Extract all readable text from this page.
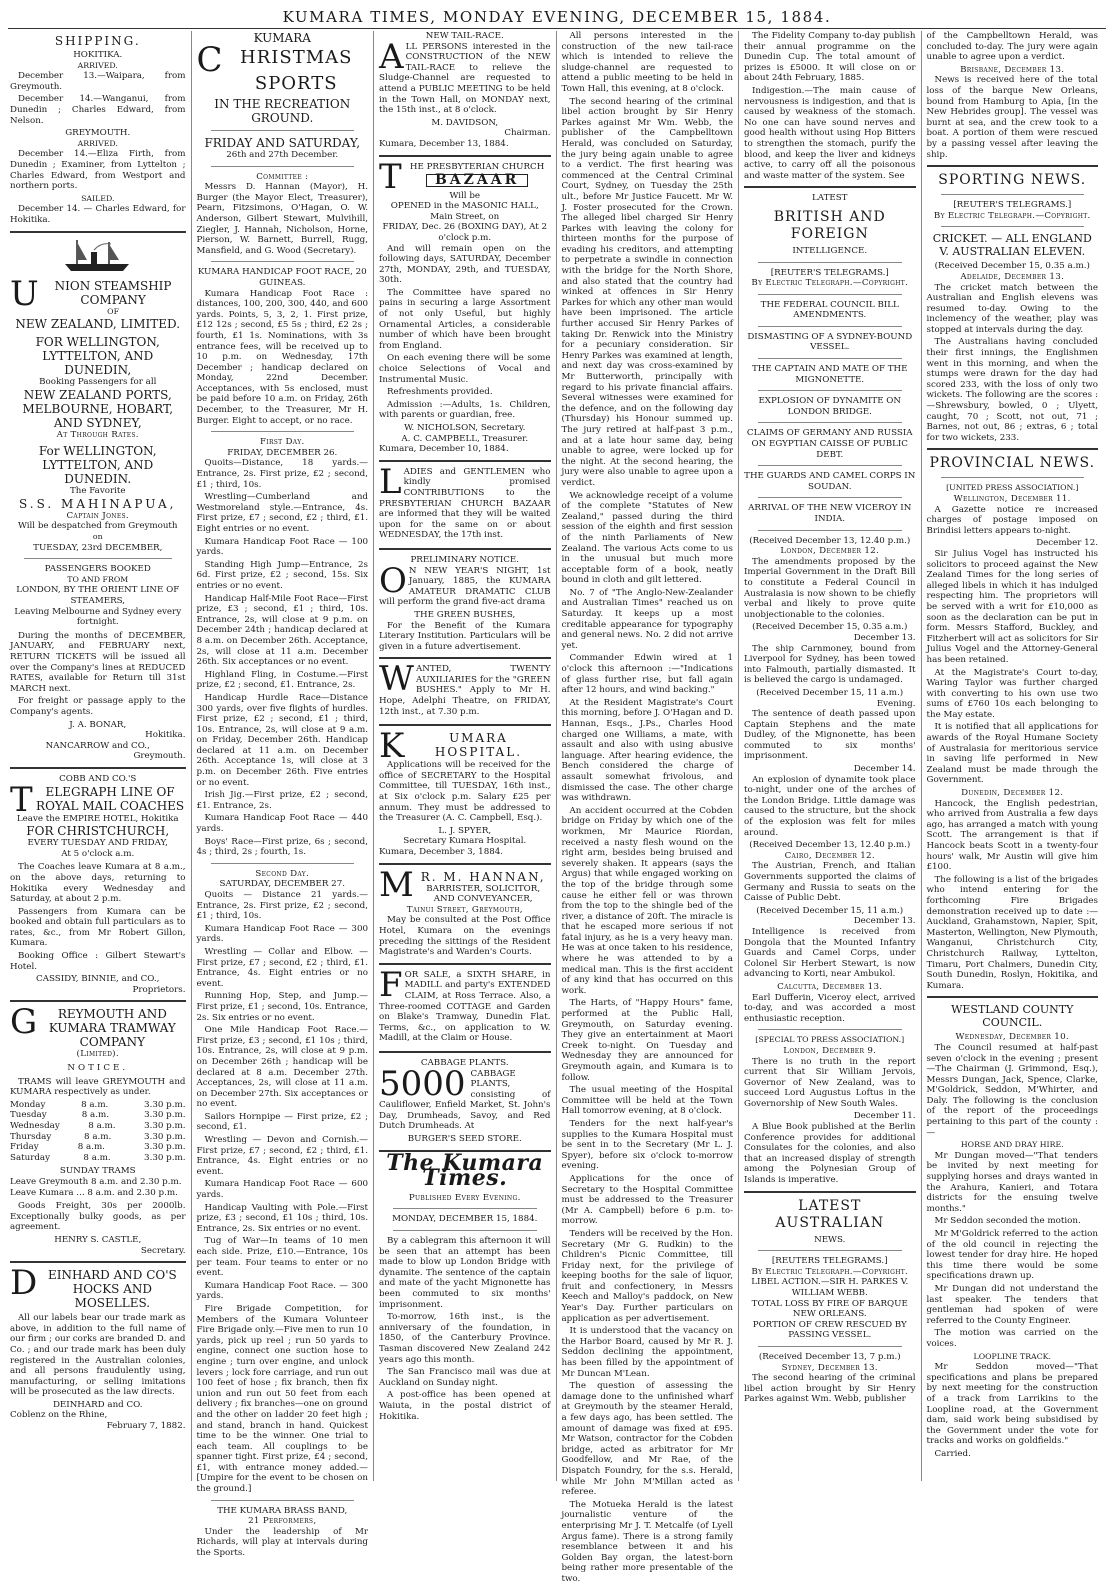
KUMARA TIMES, MONDAY EVENING, DECEMBER 15, 1884.
SHIPPING.
HOKITIKA.
ARRIVED.

December 13.—Waipara, from Greymouth.

December 14.—Wanganui, from Dunedin ; Charles Edward, from Nelson.

GREYMOUTH.
ARRIVED.

December 14.—Eliza Firth, from Dunedin ; Examiner, from Lyttelton ; Charles Edward, from Westport and northern ports.

SAILED.

December 14. — Charles Edward, for Hokitika.

U	NION STEAMSHIP COMPANY
OF
NEW ZEALAND, LIMITED.
FOR WELLINGTON, LYTTELTON, AND DUNEDIN,
Booking Passengers for all
NEW ZEALAND PORTS, MELBOURNE, HOBART, AND SYDNEY,
At Through Rates.
For WELLINGTON, LYTTELTON, AND DUNEDIN.
The Favorite
S.S. MAHINAPUA,
Captain Jones.
Will be despatched from Greymouth
on
TUESDAY, 23rd DECEMBER,
PASSENGERS BOOKED
TO AND FROM
LONDON, BY THE ORIENT LINE OF STEAMERS,
Leaving Melbourne and Sydney every fortnight.

During the months of DECEMBER, JANUARY, and FEBRUARY next, RETURN TICKETS will be issued all over the Company's lines at REDUCED RATES, available for Return till 31st MARCH next.

For freight or passage apply to the Company's agents.

J. A. BONAR,
Hokitika.
NANCARROW and CO.,
Greymouth.
COBB AND CO.'S
T	ELEGRAPH LINE OF ROYAL MAIL COACHES
Leave the EMPIRE HOTEL, Hokitika
FOR CHRISTCHURCH,
EVERY TUESDAY AND FRIDAY,
At 5 o'clock a.m.

The Coaches leave Kumara at 8 a.m., on the above days, returning to Hokitika every Wednesday and Saturday, at about 2 p.m.

Passengers from Kumara can be booked and obtain full particulars as to rates, &c., from Mr Robert Gillon, Kumara.

Booking Office : Gilbert Stewart's Hotel.

CASSIDY, BINNIE, and CO.,
Proprietors.
G	REYMOUTH AND KUMARA TRAMWAY COMPANY
(Limited).
NOTICE.

TRAMS will leave GREYMOUTH and KUMARA respectively as under.

Monday	8 a.m.	3.30 p.m.
Tuesday	8 a.m.	3.30 p.m.
Wednesday	8 a.m.	3.30 p.m.
Thursday	8 a.m.	3.30 p.m.
Friday	8 a.m.	3.30 p.m.
Saturday	8 a.m.	3.30 p.m.
SUNDAY TRAMS
Leave Greymouth 8 a.m. and 2.30 p.m.
Leave Kumara ... 8 a.m. and 2.30 p.m.

Goods Freight, 30s per 2000lb. Exceptionally bulky goods, as per agreement.

HENRY S. CASTLE,
Secretary.
D EINHARD AND CO'S HOCKS AND MOSELLES.

All our labels bear our trade mark as above, in addition to the full name of our firm ; our corks are branded D. and Co. ; and our trade mark has been duly registered in the Australian colonies, and all persons fraudulently using, manufacturing, or selling imitations will be prosecuted as the law directs.

DEINHARD and CO.
Coblenz on the Rhine,
February 7, 1882.
KUMARA
C HRISTMAS SPORTS
IN THE RECREATION GROUND.
FRIDAY AND SATURDAY,
26th and 27th December.
Committee :

Messrs D. Hannan (Mayor), H. Burger (the Mayor Elect, Treasurer), Pearn, Fitzsimons, O'Hagan, O. W. Anderson, Gilbert Stewart, Mulvihill, Ziegler, J. Hannah, Nicholson, Horne, Pierson, W. Barnett, Burrell, Rugg, Mansfield, and G. Wood (Secretary).

KUMARA HANDICAP FOOT RACE, 20 GUINEAS.

Kumara Handicap Foot Race : distances, 100, 200, 300, 440, and 600 yards. Points, 5, 3, 2, 1. First prize, £12 12s ; second, £5 5s ; third, £2 2s ; fourth, £1 1s. Nominations, with 3s entrance fees, will be received up to 10 p.m. on Wednesday, 17th December ; handicap declared on Monday, 22nd December. Acceptances, with 5s enclosed, must be paid before 10 a.m. on Friday, 26th December, to the Treasurer, Mr H. Burger. Eight to accept, or no race.

First Day.
FRIDAY, DECEMBER 26.

Quoits—Distance, 18 yards.—Entrance, 2s. First prize, £2 ; second, £1 ; third, 10s.

Wrestling—Cumberland and Westmoreland style.—Entrance, 4s. First prize, £7 ; second, £2 ; third, £1. Eight entries or no event.

Kumara Handicap Foot Race — 100 yards.

Standing High Jump—Entrance, 2s 6d. First prize, £2 ; second, 15s. Six entries or no event.

Handicap Half-Mile Foot Race—First prize, £3 ; second, £1 ; third, 10s. Entrance, 2s, will close at 9 p.m. on December 24th ; handicap declared at 8 a.m. on December 26th. Acceptance, 2s, will close at 11 a.m. December 26th. Six acceptances or no event.

Highland Fling, in Costume.—First prize, £2 ; second, £1. Entrance, 2s.

Handicap Hurdle Race—Distance 300 yards, over five flights of hurdles. First prize, £2 ; second, £1 ; third, 10s. Entrance, 2s, will close at 9 a.m. on Friday, December 26th. Handicap declared at 11 a.m. on December 26th. Acceptance 1s, will close at 3 p.m. on December 26th. Five entries or no event.

Irish Jig.—First prize, £2 ; second, £1. Entrance, 2s.

Kumara Handicap Foot Race — 440 yards.

Boys' Race—First prize, 6s ; second, 4s ; third, 2s ; fourth, 1s.

Second Day.
SATURDAY, DECEMBER 27.

Quoits — Distance 21 yards.—Entrance, 2s. First prize, £2 ; second, £1 ; third, 10s.

Kumara Handicap Foot Race — 300 yards.

Wrestling — Collar and Elbow. — First prize, £7 ; second, £2 ; third, £1. Entrance, 4s. Eight entries or no event.

Running Hop, Step, and Jump.—First prize, £1 ; second, 10s. Entrance, 2s. Six entries or no event.

One Mile Handicap Foot Race.—First prize, £3 ; second, £1 10s ; third, 10s. Entrance, 2s, will close at 9 p.m. on December 26th ; handicap will be declared at 8 a.m. December 27th. Acceptances, 2s, will close at 11 a.m. on December 27th. Six acceptances or no event.

Sailors Hornpipe — First prize, £2 ; second, £1.

Wrestling — Devon and Cornish.—First prize, £7 ; second, £2 ; third, £1. Entrance, 4s. Eight entries or no event.

Kumara Handicap Foot Race — 600 yards.

Handicap Vaulting with Pole.—First prize, £3 ; second, £1 10s ; third, 10s. Entrance, 2s. Six entries or no event.

Tug of War—In teams of 10 men each side. Prize, £10.—Entrance, 10s per team. Four teams to enter or no event.

Kumara Handicap Foot Race. — 300 yards.

Fire Brigade Competition, for Members of the Kumara Volunteer Fire Brigade only.—Five men to run 10 yards, pick up reel ; run 50 yards to engine, connect one suction hose to engine ; turn over engine, and unlock levers ; lock fore carriage, and run out 100 feet of hose ; fix branch, then fix union and run out 50 feet from each delivery ; fix branches—one on ground and the other on ladder 20 feet high ; and stand, branch in hand. Quickest time to be the winner. One trial to each team. All couplings to be spanner tight. First prize, £4 ; second, £1, with entrance money added.—[Umpire for the event to be chosen on the ground.]

THE KUMARA BRASS BAND,
21 Performers,

Under the leadership of Mr Richards, will play at intervals during the Sports.

NEW TAIL-RACE.
A LL PERSONS interested in the CONSTRUCTION of the NEW TAIL-RACE to relieve the Sludge-Channel are requested to attend a PUBLIC MEETING to be held in the Town Hall, on MONDAY next, the 15th inst., at 8 o'clock.

M. DAVIDSON,
Chairman.
Kumara, December 13, 1884.
T HE PRESBYTERIAN CHURCH
BAZAAR
Will be
OPENED in the MASONIC HALL, Main Street, on
FRIDAY, Dec. 26 (BOXING DAY), At 2 o'clock p.m.

And will remain open on the following days, SATURDAY, December 27th, MONDAY, 29th, and TUESDAY, 30th.

The Committee have spared no pains in securing a large Assortment of not only Useful, but highly Ornamental Articles, a considerable number of which have been brought from England.

On each evening there will be some choice Selections of Vocal and Instrumental Music.

Refreshments provided.

Admission :—Adults, 1s. Children, with parents or guardian, free.

W. NICHOLSON, Secretary.
A. C. CAMPBELL, Treasurer.
Kumara, December 10, 1884.
L ADIES and GENTLEMEN who kindly promised CONTRIBUTIONS to the PRESBYTERIAN CHURCH BAZAAR are informed that they will be waited upon for the same on or about WEDNESDAY, the 17th inst.

PRELIMINARY NOTICE.
O N NEW YEAR'S NIGHT, 1st January, 1885, the KUMARA AMATEUR DRAMATIC CLUB will perform the grand five-act drama

THE GREEN BUSHES,

For the Benefit of the Kumara Literary Institution. Particulars will be given in a future advertisement.

W ANTED, TWENTY AUXILIARIES for the "GREEN BUSHES." Apply to Mr H. Hope, Adelphi Theatre, on FRIDAY, 12th inst., at 7.30 p.m.

K	UMARA HOSPITAL.

Applications will be received for the office of SECRETARY to the Hospital Committee, till TUESDAY, 16th inst., at Six o'clock p.m. Salary £25 per annum. They must be addressed to the Treasurer (A. C. Campbell, Esq.).

L. J. SPYER,
Secretary Kumara Hospital.
Kumara, December 3, 1884.
M R. M. HANNAN,
BARRISTER, SOLICITOR, AND CONVEYANCER,
Tainui Street, Greymouth,

May be consulted at the Post Office Hotel, Kumara on the evenings preceding the sittings of the Resident Magistrate's and Warden's Courts.

F OR SALE, a SIXTH SHARE, in MADILL and party's EXTENDED CLAIM, at Ross Terrace. Also, a Three-roomed COTTAGE and Garden on Blake's Tramway, Dunedin Flat. Terms, &c., on application to W. Madill, at the Claim or House.

CABBAGE PLANTS.
5000 CABBAGE PLANTS, consisting of Cauliflower, Enfield Market, St. John's Day, Drumheads, Savoy, and Red Dutch Drumheads. At

BURGER'S SEED STORE.
The Kumara Times.
Published Every Evening.
MONDAY, DECEMBER 15, 1884.

By a cablegram this afternoon it will be seen that an attempt has been made to blow up London Bridge with dynamite. The sentence of the captain and mate of the yacht Mignonette has been commuted to six months' imprisonment.

To-morrow, 16th inst., is the anniversary of the foundation, in 1850, of the Canterbury Province. Tasman discovered New Zealand 242 years ago this month.

The San Francisco mail was due at Auckland on Sunday night.

A post-office has been opened at Waiuta, in the postal district of Hokitika.

All persons interested in the construction of the new tail-race which is intended to relieve the sludge-channel are requested to attend a public meeting to be held in Town Hall, this evening, at 8 o'clock.

The second hearing of the criminal libel action brought by Sir Henry Parkes against Mr Wm. Webb, the publisher of the Campbelltown Herald, was concluded on Saturday, the jury being again unable to agree to a verdict. The first hearing was commenced at the Central Criminal Court, Sydney, on Tuesday the 25th ult., before Mr Justice Faucett. Mr W. J. Foster prosecuted for the Crown. The alleged libel charged Sir Henry Parkes with leaving the colony for thirteen months for the purpose of evading his creditors, and attempting to perpetrate a swindle in connection with the bridge for the North Shore, and also stated that the country had winked at offences in Sir Henry Parkes for which any other man would have been imprisoned. The article further accused Sir Henry Parkes of taking Dr. Renwick into the Ministry for a pecuniary consideration. Sir Henry Parkes was examined at length, and next day was cross-examined by Mr Butterworth, principally with regard to his private financial affairs. Several witnesses were examined for the defence, and on the following day (Thursday) his Honour summed up. The jury retired at half-past 3 p.m., and at a late hour same day, being unable to agree, were locked up for the night. At the second hearing, the jury were also unable to agree upon a verdict.

We acknowledge receipt of a volume of the complete "Statutes of New Zealand," passed during the third session of the eighth and first session of the ninth Parliaments of New Zealand. The various Acts come to us in the unusual but much more acceptable form of a book, neatly bound in cloth and gilt lettered.

No. 7 of "The Anglo-New-Zealander and Australian Times" reached us on Saturday. It keeps up a most creditable appearance for typography and general news. No. 2 did not arrive yet.

Commander Edwin wired at 1 o'clock this afternoon :—"Indications of glass further rise, but fall again after 12 hours, and wind backing."

At the Resident Magistrate's Court this morning, before J. O'Hagan and D. Hannan, Esqs., J.Ps., Charles Hood charged one Williams, a mate, with assault and also with using abusive language. After hearing evidence, the Bench considered the charge of assault somewhat frivolous, and dismissed the case. The other charge was withdrawn.

An accident occurred at the Cobden bridge on Friday by which one of the workmen, Mr Maurice Riordan, received a nasty flesh wound on the right arm, besides being bruised and severely shaken. It appears (says the Argus) that while engaged working on the top of the bridge through some cause he either fell or was thrown from the top to the shingle bed of the river, a distance of 20ft. The miracle is that he escaped more serious if not fatal injury, as he is a very heavy man. He was at once taken to his residence, where he was attended to by a medical man. This is the first accident of any kind that has occurred on this work.

The Harts, of "Happy Hours" fame, performed at the Public Hall, Greymouth, on Saturday evening. They give an entertainment at Maori Creek to-night. On Tuesday and Wednesday they are announced for Greymouth again, and Kumara is to follow.

The usual meeting of the Hospital Committee will be held at the Town Hall tomorrow evening, at 8 o'clock.

Tenders for the next half-year's supplies to the Kumara Hospital must be sent in to the Secretary (Mr L. J. Spyer), before six o'clock to-morrow evening.

Applications for the once of Secretary to the Hospital Committee must be addressed to the Treasurer (Mr A. Campbell) before 6 p.m. to-morrow.

Tenders will be received by the Hon. Secretary (Mr G. Rudkin) to the Children's Picnic Committee, till Friday next, for the privilege of keeping booths for the sale of liquor, fruit and confectionery, in Messrs Keech and Malloy's paddock, on New Year's Day. Further particulars on application as per advertisement.

It is understood that the vacancy on the Harbor Board, caused by Mr R. J. Seddon declining the appointment, has been filled by the appointment of Mr Duncan M'Lean.

The question of assessing the damage done to the unfinished wharf at Greymouth by the steamer Herald, a few days ago, has been settled. The amount of damage was fixed at £95. Mr Watson, contractor for the Cobden bridge, acted as arbitrator for Mr Goodfellow, and Mr Rae, of the Dispatch Foundry, for the s.s. Herald, while Mr John M'Millan acted as referee.

The Motueka Herald is the latest journalistic venture of the enterprising Mr J. T. Metcalfe (of Lyell Argus fame). There is a strong family resemblance between it and his Golden Bay organ, the latest-born being rather more presentable of the two.

The Fidelity Company to-day publish their annual programme on the Dunedin Cup. The total amount of prizes is £5000. It will close on or about 24th February, 1885.

Indigestion.—The main cause of nervousness is indigestion, and that is caused by weakness of the stomach. No one can have sound nerves and good health without using Hop Bitters to strengthen the stomach, purify the blood, and keep the liver and kidneys active, to carry off all the poisonous and waste matter of the system. See

LATEST
BRITISH AND FOREIGN
INTELLIGENCE.
[REUTER'S TELEGRAMS.]
By Electric Telegraph.—Copyright.
THE FEDERAL COUNCIL BILL AMENDMENTS.
DISMASTING OF A SYDNEY-BOUND VESSEL.
THE CAPTAIN AND MATE OF THE MIGNONETTE.
EXPLOSION OF DYNAMITE ON LONDON BRIDGE.
CLAIMS OF GERMANY AND RUSSIA ON EGYPTIAN CAISSE OF PUBLIC DEBT.
THE GUARDS AND CAMEL CORPS IN SOUDAN.
ARRIVAL OF THE NEW VICEROY IN INDIA.
(Received December 13, 12.40 p.m.)
London, December 12.

The amendments proposed by the Imperial Government in the Draft Bill to constitute a Federal Council in Australasia is now shown to be chiefly verbal and likely to prove quite unobjectionable to the colonies.

(Received December 15, 0.35 a.m.)
December 13.

The ship Carnmoney, bound from Liverpool for Sydney, has been towed into Falmouth, partially dismasted. It is believed the cargo is undamaged.

(Received December 15, 11 a.m.)
Evening.

The sentence of death passed upon Captain Stephens and the mate Dudley, of the Mignonette, has been commuted to six months' imprisonment.

December 14.

An explosion of dynamite took place to-night, under one of the arches of the London Bridge. Little damage was caused to the structure, but the shock of the explosion was felt for miles around.

(Received December 13, 12.40 p.m.)
Cairo, December 12.

The Austrian, French, and Italian Governments supported the claims of Germany and Russia to seats on the Caisse of Public Debt.

(Received December 15, 11 a.m.)
December 13.

Intelligence is received from Dongola that the Mounted Infantry Guards and Camel Corps, under Colonel Sir Herbert Stewart, is now advancing to Korti, near Ambukol.

Calcutta, December 13.

Earl Dufferin, Viceroy elect, arrived to-day, and was accorded a most enthusiastic reception.

[SPECIAL TO PRESS ASSOCIATION.]
London, December 9.

There is no truth in the report current that Sir William Jervois, Governor of New Zealand, was to succeed Lord Augustus Loftus in the Governorship of New South Wales.

December 11.

A Blue Book published at the Berlin Conference provides for additional Consulates for the colonies, and also that an increased display of strength among the Polynesian Group of Islands is imperative.

LATEST AUSTRALIAN
NEWS.
[REUTERS TELEGRAMS.]
By Electric Telegraph.—Copyright.
LIBEL ACTION.—SIR H. PARKES V. WILLIAM WEBB.
TOTAL LOSS BY FIRE OF BARQUE NEW ORLEANS.
PORTION OF CREW RESCUED BY PASSING VESSEL.
(Received December 13, 7 p.m.)
Sydney, December 13.

The second hearing of the criminal libel action brought by Sir Henry Parkes against Wm. Webb, publisher

of the Campbelltown Herald, was concluded to-day. The jury were again unable to agree upon a verdict.

Brisbane, December 13.

News is received here of the total loss of the barque New Orleans, bound from Hamburg to Apia, [in the New Hebrides group]. The vessel was burnt at sea, and the crew took to a boat. A portion of them were rescued by a passing vessel after leaving the ship.

SPORTING NEWS.
[REUTER'S TELEGRAMS.]
By Electric Telegraph.—Copyright.
CRICKET. — ALL ENGLAND V. AUSTRALIAN ELEVEN.
(Received December 15, 0.35 a.m.)
Adelaide, December 13.

The cricket match between the Australian and English elevens was resumed to-day. Owing to the inclemency of the weather, play was stopped at intervals during the day.

The Australians having concluded their first innings, the Englishmen went in this morning, and when the stumps were drawn for the day had scored 233, with the loss of only two wickets. The following are the scores :—Shrewsbury, bowled, 0 ; Ulyett, caught, 70 ; Scott, not out, 71 ; Barnes, not out, 86 ; extras, 6 ; total for two wickets, 233.

PROVINCIAL NEWS.
[UNITED PRESS ASSOCIATION.]
Wellington, December 11.

A Gazette notice re increased charges of postage imposed on Brindisi letters appears to-night.

December 12.

Sir Julius Vogel has instructed his solicitors to proceed against the New Zealand Times for the long series of alleged libels in which it has indulged respecting him. The proprietors will be served with a writ for £10,000 as soon as the declaration can be put in form. Messrs Stafford, Buckley, and Fitzherbert will act as solicitors for Sir Julius Vogel and the Attorney-General has been retained.

At the Magistrate's Court to-day, Waring Taylor was further charged with converting to his own use two sums of £760 10s each belonging to the May estate.

It is notified that all applications for awards of the Royal Humane Society of Australasia for meritorious service in saving life performed in New Zealand must be made through the Government.

Dunedin, December 12.

Hancock, the English pedestrian, who arrived from Australia a few days ago, has arranged a match with young Scott. The arrangement is that if Hancock beats Scott in a twenty-four hours' walk, Mr Austin will give him £100.

The following is a list of the brigades who intend entering for the forthcoming Fire Brigades demonstration received up to date :—Auckland, Grahamstown, Napier, Spit, Masterton, Wellington, New Plymouth, Wanganui, Christchurch City, Christchurch Railway, Lyttelton, Timaru, Port Chalmers, Dunedin City, South Dunedin, Roslyn, Hokitika, and Kumara.

WESTLAND COUNTY COUNCIL.
Wednesday, December 10.

The Council resumed at half-past seven o'clock in the evening ; present—The Chairman (J. Grimmond, Esq.), Messrs Dungan, Jack, Spence, Clarke, M'Goldrick, Seddon, M'Whirter, and Daly. The following is the conclusion of the report of the proceedings pertaining to this part of the county :—

HORSE AND DRAY HIRE.

Mr Dungan moved—"That tenders be invited by next meeting for supplying horses and drays wanted in the Arahura, Kanieri, and Totara districts for the ensuing twelve months."

Mr Seddon seconded the motion.

Mr M'Goldrick referred to the action of the old council in rejecting the lowest tender for dray hire. He hoped this time there would be some specifications drawn up.

Mr Dungan did not understand the last speaker. The tenders that gentleman had spoken of were referred to the County Engineer.

The motion was carried on the voices.

LOOPLINE TRACK.

Mr Seddon moved—"That specifications and plans be prepared by next meeting for the construction of a track from Larrikins to the Loopline road, at the Government dam, said work being subsidised by the Government under the vote for tracks and works on goldfields."

Carried.
